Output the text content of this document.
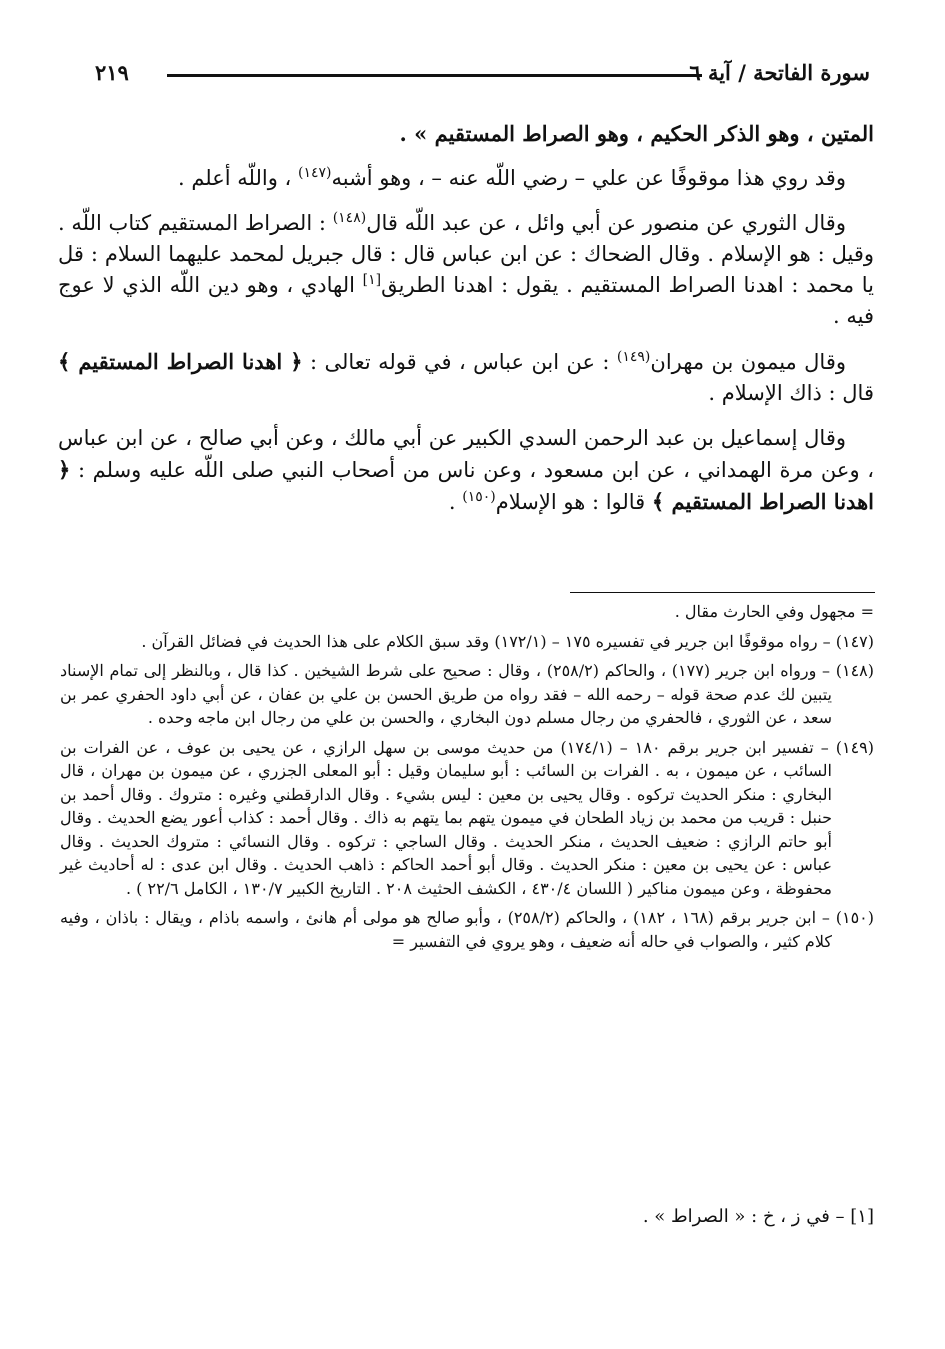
سورة الفاتحة / آية ٦
٢١٩

المتين ، وهو الذكر الحكيم ، وهو الصراط المستقيم » .

وقد روي هذا موقوفًا عن علي – رضي اللّه عنه – ، وهو أشبه$^{(١٤٧)}$ ، واللّه أعلم .

وقال الثوري عن منصور عن أبي وائل ، عن عبد اللّه قال$^{(١٤٨)}$ : الصراط المستقيم كتاب اللّه . وقيل : هو الإسلام . وقال الضحاك : عن ابن عباس قال : قال جبريل لمحمد عليهما السلام : قل يا محمد : اهدنا الصراط المستقيم . يقول : اهدنا الطريق[١] الهادي ، وهو دين اللّه الذي لا عوج فيه .

وقال ميمون بن مهران$^{(١٤٩)}$ : عن ابن عباس ، في قوله تعالى : ﴿ اهدنا الصراط المستقيم ﴾ قال : ذاك الإسلام .

وقال إسماعيل بن عبد الرحمن السدي الكبير عن أبي مالك ، وعن أبي صالح ، عن ابن عباس ، وعن مرة الهمداني ، عن ابن مسعود ، وعن ناس من أصحاب النبي صلى اللّه عليه وسلم : ﴿ اهدنا الصراط المستقيم ﴾ قالوا : هو الإسلام$^{(١٥٠)}$ .

= مجهول وفي الحارث مقال .

(١٤٧) – رواه موقوفًا ابن جرير في تفسيره ١٧٥ – (١٧٢/١) وقد سبق الكلام على هذا الحديث في فضائل القرآن .

(١٤٨) – ورواه ابن جرير (١٧٧) ، والحاكم (٢٥٨/٢) ، وقال : صحيح على شرط الشيخين . كذا قال ، وبالنظر إلى تمام الإسناد يتبين لك عدم صحة قوله – رحمه الله – فقد رواه من طريق الحسن بن علي بن عفان ، عن أبي داود الحفري عمر بن سعد ، عن الثوري ، فالحفري من رجال مسلم دون البخاري ، والحسن بن علي من رجال ابن ماجه وحده .

(١٤٩) – تفسير ابن جرير برقم ١٨٠ – (١٧٤/١) من حديث موسى بن سهل الرازي ، عن يحيى بن عوف ، عن الفرات بن السائب ، عن ميمون ، به . الفرات بن السائب : أبو سليمان وقيل : أبو المعلى الجزري ، عن ميمون بن مهران ، قال البخاري : منكر الحديث تركوه . وقال يحيى بن معين : ليس بشيء . وقال الدارقطني وغيره : متروك . وقال أحمد بن حنبل : قريب من محمد بن زياد الطحان في ميمون يتهم بما يتهم به ذاك . وقال أحمد : كذاب أعور يضع الحديث . وقال أبو حاتم الرازي : ضعيف الحديث ، منكر الحديث . وقال الساجي : تركوه . وقال النسائي : متروك الحديث . وقال عباس : عن يحيى بن معين : منكر الحديث . وقال أبو أحمد الحاكم : ذاهب الحديث . وقال ابن عدى : له أحاديث غير محفوظة ، وعن ميمون مناكير ( اللسان ٤٣٠/٤ ، الكشف الحثيث ٢٠٨ . التاريخ الكبير ١٣٠/٧ ، الكامل ٢٢/٦ ) .

(١٥٠) – ابن جرير برقم (١٦٨ ، ١٨٢) ، والحاكم (٢٥٨/٢) ، وأبو صالح هو مولى أم هانئ ، واسمه باذام ، ويقال : باذان ، وفيه كلام كثير ، والصواب في حاله أنه ضعيف ، وهو يروي في التفسير =

[١] – في ز ، خ : « الصراط » .
